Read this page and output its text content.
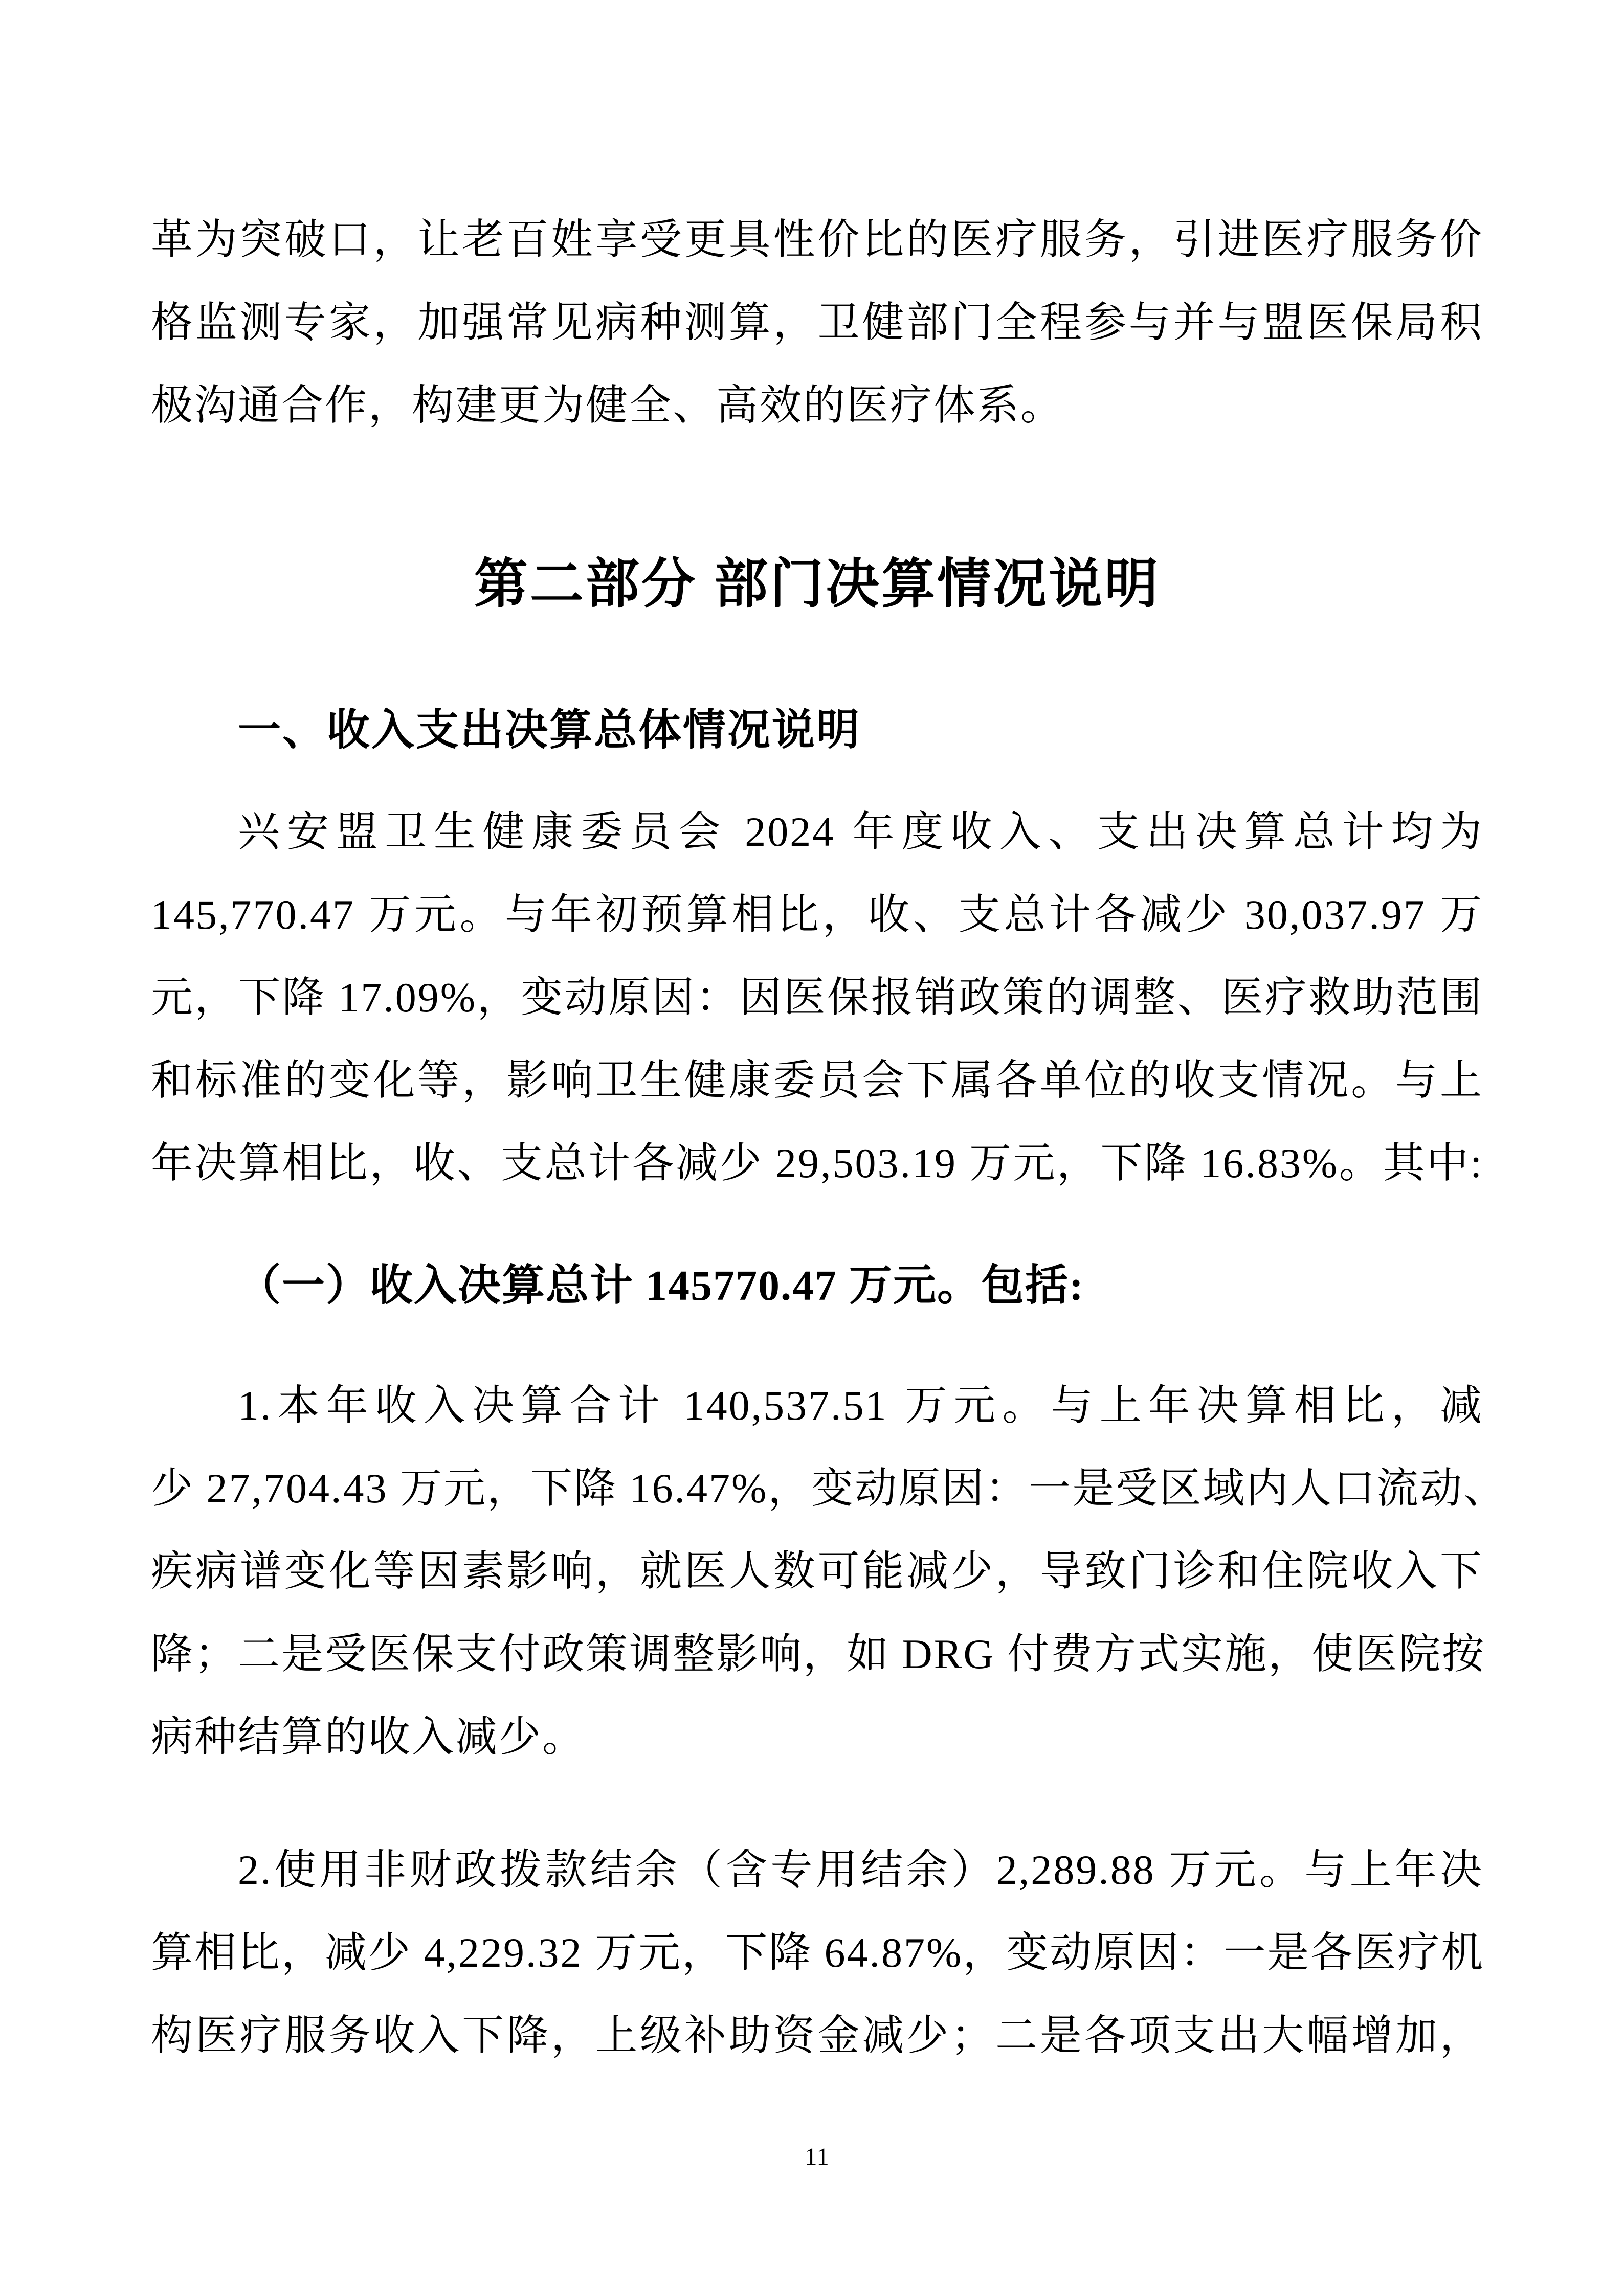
革为突破口，让老百姓享受更具性价比的医疗服务，引进医疗服务价
格监测专家，加强常见病种测算，卫健部门全程参与并与盟医保局积
极沟通合作，构建更为健全、高效的医疗体系。
第二部分 部门决算情况说明
一、收入支出决算总体情况说明
兴安盟卫生健康委员会 2024 年度收入、支出决算总计均为
145,770.47 万元。与年初预算相比，收、支总计各减少 30,037.97 万
元，下降 17.09%，变动原因：因医保报销政策的调整、医疗救助范围
和标准的变化等，影响卫生健康委员会下属各单位的收支情况。与上
年决算相比，收、支总计各减少 29,503.19 万元，下降 16.83%。其中:
（一）收入决算总计 145770.47 万元。包括:
1.本年收入决算合计 140,537.51 万元。与上年决算相比，减
少 27,704.43 万元，下降 16.47%，变动原因：一是受区域内人口流动、
疾病谱变化等因素影响，就医人数可能减少，导致门诊和住院收入下
降；二是受医保支付政策调整影响，如 DRG 付费方式实施，使医院按
病种结算的收入减少。
2.使用非财政拨款结余（含专用结余）2,289.88 万元。与上年决
算相比，减少 4,229.32 万元，下降 64.87%，变动原因：一是各医疗机
构医疗服务收入下降，上级补助资金减少；二是各项支出大幅增加，
11
